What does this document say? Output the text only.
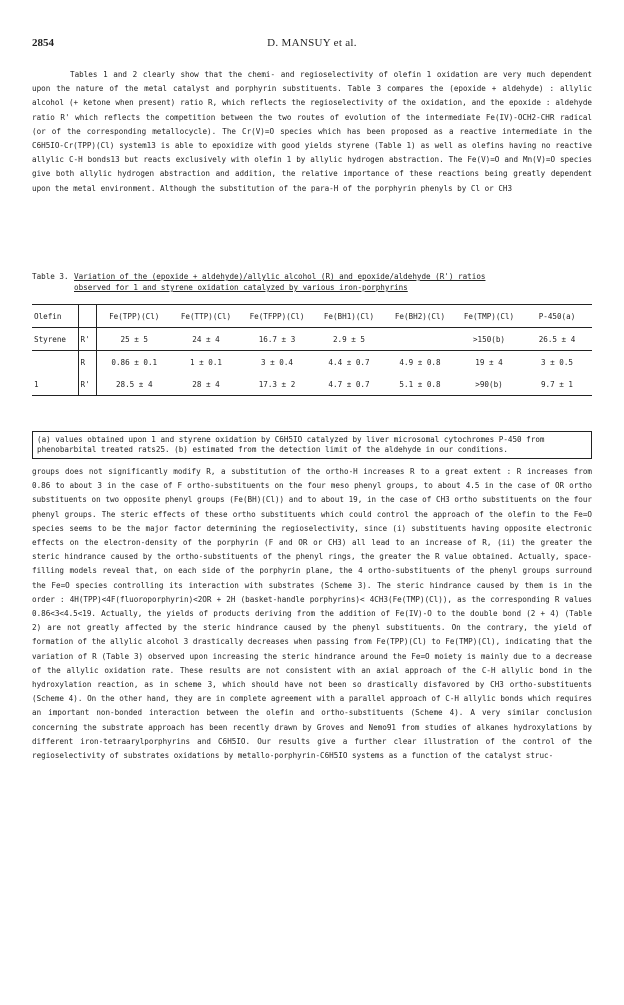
2854	D. MANSUY et al.

Tables 1 and 2 clearly show that the chemi- and regioselectivity of olefin 1 oxidation are very much dependent upon the nature of the metal catalyst and porphyrin substituents. Table 3 compares the (epoxide + aldehyde) : allylic alcohol (+ ketone when present) ratio R, which reflects the regioselectivity of the oxidation, and the epoxide : aldehyde ratio R' which reflects the competition between the two routes of evolution of the intermediate Fe(IV)-OCH2-CHR radical (or of the corresponding metallocycle). The Cr(V)=O species which has been proposed as a reactive intermediate in the C6H5IO-Cr(TPP)(Cl) system13 is able to epoxidize with good yields styrene (Table 1) as well as olefins having no reactive allylic C-H bonds13 but reacts exclusively with olefin 1 by allylic hydrogen abstraction. The Fe(V)=O and Mn(V)=O species give both allylic hydrogen abstraction and addition, the relative importance of these reactions being greatly dependent upon the metal environment. Although the substitution of the para-H of the porphyrin phenyls by Cl or CH3

Table 3. Variation of the (epoxide + aldehyde)/allylic alcohol (R) and epoxide/aldehyde (R') ratios
observed for 1 and styrene oxidation catalyzed by various iron-porphyrins
Olefin		Fe(TPP)(Cl)	Fe(TTP)(Cl)	Fe(TFPP)(Cl)	Fe(BH1)(Cl)	Fe(BH2)(Cl)	Fe(TMP)(Cl)	P-450(a)
Styrene	R'	25 ± 5	24 ± 4	16.7 ± 3	2.9 ± 5		>150(b)	26.5 ± 4
	R	0.86 ± 0.1	1 ± 0.1	3 ± 0.4	4.4 ± 0.7	4.9 ± 0.8	19 ± 4	3 ± 0.5
1	R'	28.5 ± 4	28 ± 4	17.3 ± 2	4.7 ± 0.7	5.1 ± 0.8	>90(b)	9.7 ± 1
(a) values obtained upon 1 and styrene oxidation by C6H5IO catalyzed by liver microsomal cytochromes P-450 from phenobarbital treated rats25. (b) estimated from the detection limit of the aldehyde in our conditions.

groups does not significantly modify R, a substitution of the ortho-H increases R to a great extent : R increases from 0.86 to about 3 in the case of F ortho-substituents on the four meso phenyl groups, to about 4.5 in the case of OR ortho substituents on two opposite phenyl groups (Fe(BH)(Cl)) and to about 19, in the case of CH3 ortho substituents on the four phenyl groups. The steric effects of these ortho substituents which could control the approach of the olefin to the Fe=O species seems to be the major factor determining the regioselectivity, since (i) substituents having opposite electronic effects on the electron-density of the porphyrin (F and OR or CH3) all lead to an increase of R, (ii) the greater the steric hindrance caused by the ortho-substituents of the phenyl rings, the greater the R value obtained. Actually, space-filling models reveal that, on each side of the porphyrin plane, the 4 ortho-substituents of the phenyl groups surround the Fe=O species controlling its interaction with substrates (Scheme 3). The steric hindrance caused by them is in the order : 4H(TPP)<4F(fluoroporphyrin)<2OR + 2H (basket-handle porphyrins)< 4CH3(Fe(TMP)(Cl)), as the corresponding R values 0.86<3<4.5<19. Actually, the yields of products deriving from the addition of Fe(IV)-O to the double bond (2 + 4) (Table 2) are not greatly affected by the steric hindrance caused by the phenyl substituents. On the contrary, the yield of formation of the allylic alcohol 3 drastically decreases when passing from Fe(TPP)(Cl) to Fe(TMP)(Cl), indicating that the variation of R (Table 3) observed upon increasing the steric hindrance around the Fe=O moiety is mainly due to a decrease of the allylic oxidation rate. These results are not consistent with an axial approach of the C-H allylic bond in the hydroxylation reaction, as in scheme 3, which should have not been so drastically disfavored by CH3 ortho-substituents (Scheme 4). On the other hand, they are in complete agreement with a parallel approach of C-H allylic bonds which requires an important non-bonded interaction between the olefin and ortho-substituents (Scheme 4). A very similar conclusion concerning the substrate approach has been recently drawn by Groves and Nemo91 from studies of alkanes hydroxylations by different iron-tetraarylporphyrins and C6H5IO. Our results give a further clear illustration of the control of the regioselectivity of substrates oxidations by metallo-porphyrin-C6H5IO systems as a function of the catalyst struc-
